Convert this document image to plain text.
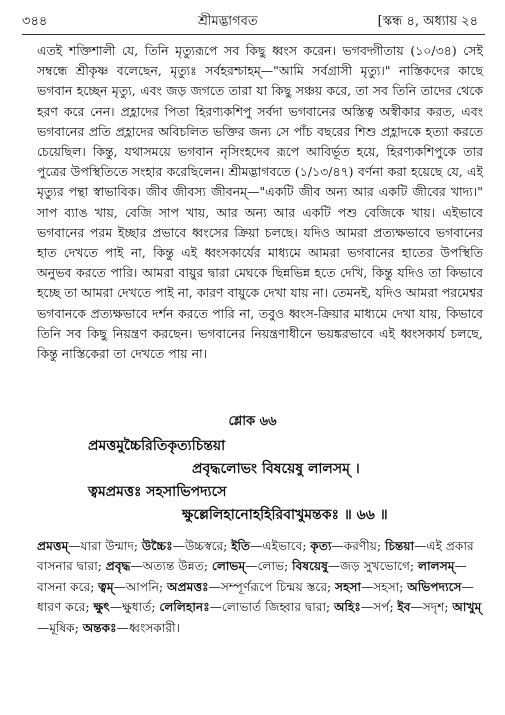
৩৪৪	শ্রীমদ্ভাগবত	[স্কন্ধ ৪, অধ্যায় ২৪

এতই শক্তিশালী যে, তিনি মৃত্যুরূপে সব কিছু ধ্বংস করেন। ভগবদ্গীতায় (১০/৩৪) সেই সম্বন্ধে শ্রীকৃষ্ণ বলেছেন, মৃত্যুঃ সর্বহরশ্চাহম্—"আমি সর্বগ্রাসী মৃত্যু।" নাস্তিকদের কাছে ভগবান হচ্ছেন মৃত্যু, এবং জড় জগতে তারা যা কিছু সঞ্চয় করে, তা সব তিনি তাদের থেকে হরণ করে নেন। প্রহ্লাদের পিতা হিরণ্যকশিপু সর্বদা ভগবানের অস্তিত্ব অস্বীকার করত, এবং ভগবানের প্রতি প্রহ্লাদের অবিচলিত ভক্তির জন্য সে পাঁচ বছরের শিশু প্রহ্লাদকে হত্যা করতে চেয়েছিল। কিন্তু, যথাসময়ে ভগবান নৃসিংহদেব রূপে আবির্ভূত হয়ে, হিরণ্যকশিপুকে তার পুত্রের উপস্থিতিতে সংহার করেছিলেন। শ্রীমদ্ভাগবতে (১/১৩/৪৭) বর্ণনা করা হয়েছে যে, এই মৃত্যুর পন্থা স্বাভাবিক। জীব জীবস্য জীবনম্—"একটি জীব অন্য আর একটি জীবের খাদ্য।" সাপ ব্যাঙ খায়, বেজি সাপ খায়, আর অন্য আর একটি পশু বেজিকে খায়। এইভাবে ভগবানের পরম ইচ্ছার প্রভাবে ধ্বংসের ক্রিয়া চলছে। যদিও আমরা প্রত্যক্ষভাবে ভগবানের হাত দেখতে পাই না, কিন্তু এই ধ্বংসকার্যের মাধ্যমে আমরা ভগবানের হাতের উপস্থিতি অনুভব করতে পারি। আমরা বায়ুর দ্বারা মেঘকে ছিন্নভিন্ন হতে দেখি, কিন্তু যদিও তা কিভাবে হচ্ছে তা আমরা দেখতে পাই না, কারণ বায়ুকে দেখা যায় না। তেমনই, যদিও আমরা পরমেশ্বর ভগবানকে প্রত্যক্ষভাবে দর্শন করতে পারি না, তবুও ধ্বংস-ক্রিয়ার মাধ্যমে দেখা যায়, কিভাবে তিনি সব কিছু নিয়ন্ত্রণ করছেন। ভগবানের নিয়ন্ত্রণাধীনে ভয়ঙ্করভাবে এই ধ্বংসকার্য চলছে, কিন্তু নাস্তিকেরা তা দেখতে পায় না।

শ্লোক ৬৬
প্রমত্তমুচ্চৈরিতিকৃত্যচিন্তয়া
প্রবৃদ্ধলোভং বিষয়েষু লালসম্ ।
ত্বমপ্রমত্তঃ সহসাভিপদ্যসে
ক্ষুল্লেলিহানোহহিরিবাখুমন্তকঃ ॥ ৬৬ ॥

প্রমত্তম্—যারা উন্মাদ; উচ্চৈঃ—উচ্চস্বরে; ইতি—এইভাবে; কৃত্য—করণীয়; চিন্তয়া—এই প্রকার বাসনার দ্বারা; প্রবৃদ্ধ—অত্যন্ত উন্নত; লোভম্—লোভ; বিষয়েষু—জড় সুখভোগে; লালসম্—বাসনা করে; ত্বম্—আপনি; অপ্রমত্তঃ—সম্পূর্ণরূপে চিন্ময় স্তরে; সহসা—সহসা; অভিপদ্যসে—ধারণ করে; ক্ষুৎ—ক্ষুধার্ত; লেলিহানঃ—লোভার্ত জিহ্বার দ্বারা; অহিঃ—সর্প; ইব—সদৃশ; আখুম্—মূষিক; অন্তকঃ—ধ্বংসকারী।
